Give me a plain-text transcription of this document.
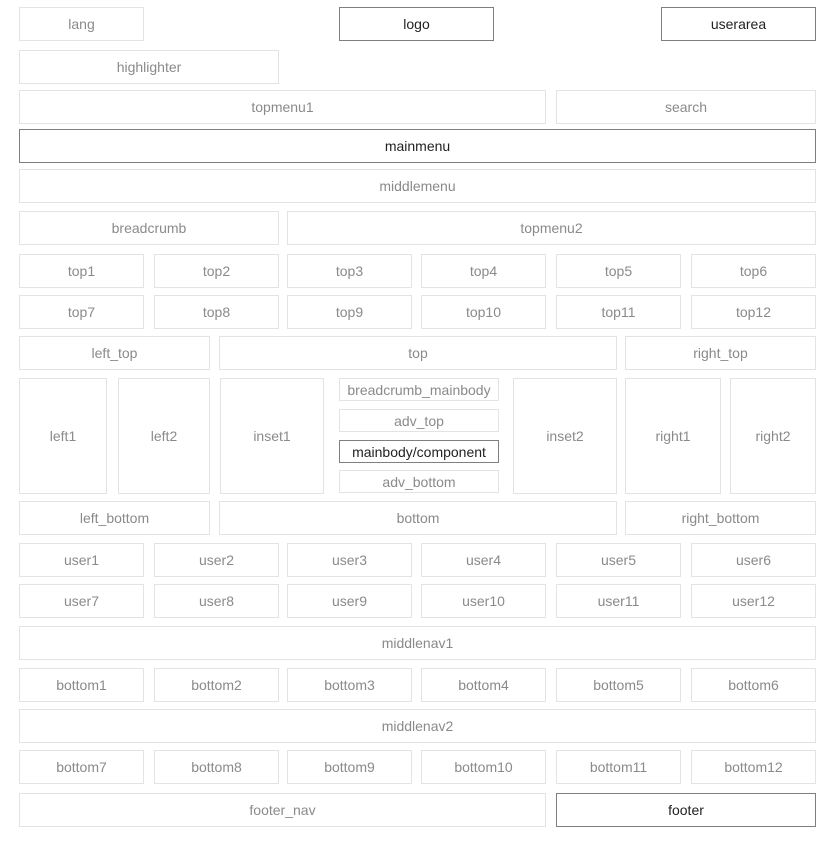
lang	logo	userarea
highlighter
topmenu1	search
mainmenu
middlemenu
breadcrumb	topmenu2
top1	top2	top3	top4	top5	top6
top7	top8	top9	top10	top11	top12
left_top	top	right_top
left1	left2	inset1
breadcrumb_mainbody
adv_top
mainbody/component
adv_bottom
inset2	right1	right2
left_bottom	bottom	right_bottom
user1	user2	user3	user4	user5	user6
user7	user8	user9	user10	user11	user12
middlenav1
bottom1	bottom2	bottom3	bottom4	bottom5	bottom6
middlenav2
bottom7	bottom8	bottom9	bottom10	bottom11	bottom12
footer_nav	footer
